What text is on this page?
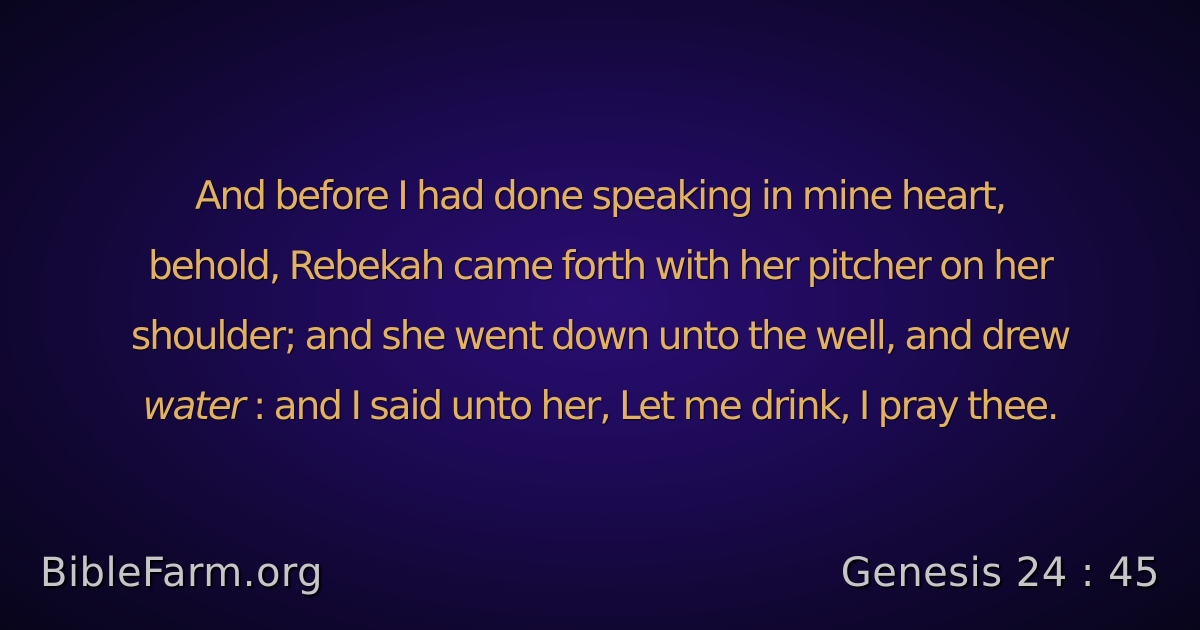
And before I had done speaking in mine heart,
behold, Rebekah came forth with her pitcher on her
shoulder; and she went down unto the well, and drew
water : and I said unto her, Let me drink, I pray thee.
BibleFarm.org	Genesis 24 : 45
